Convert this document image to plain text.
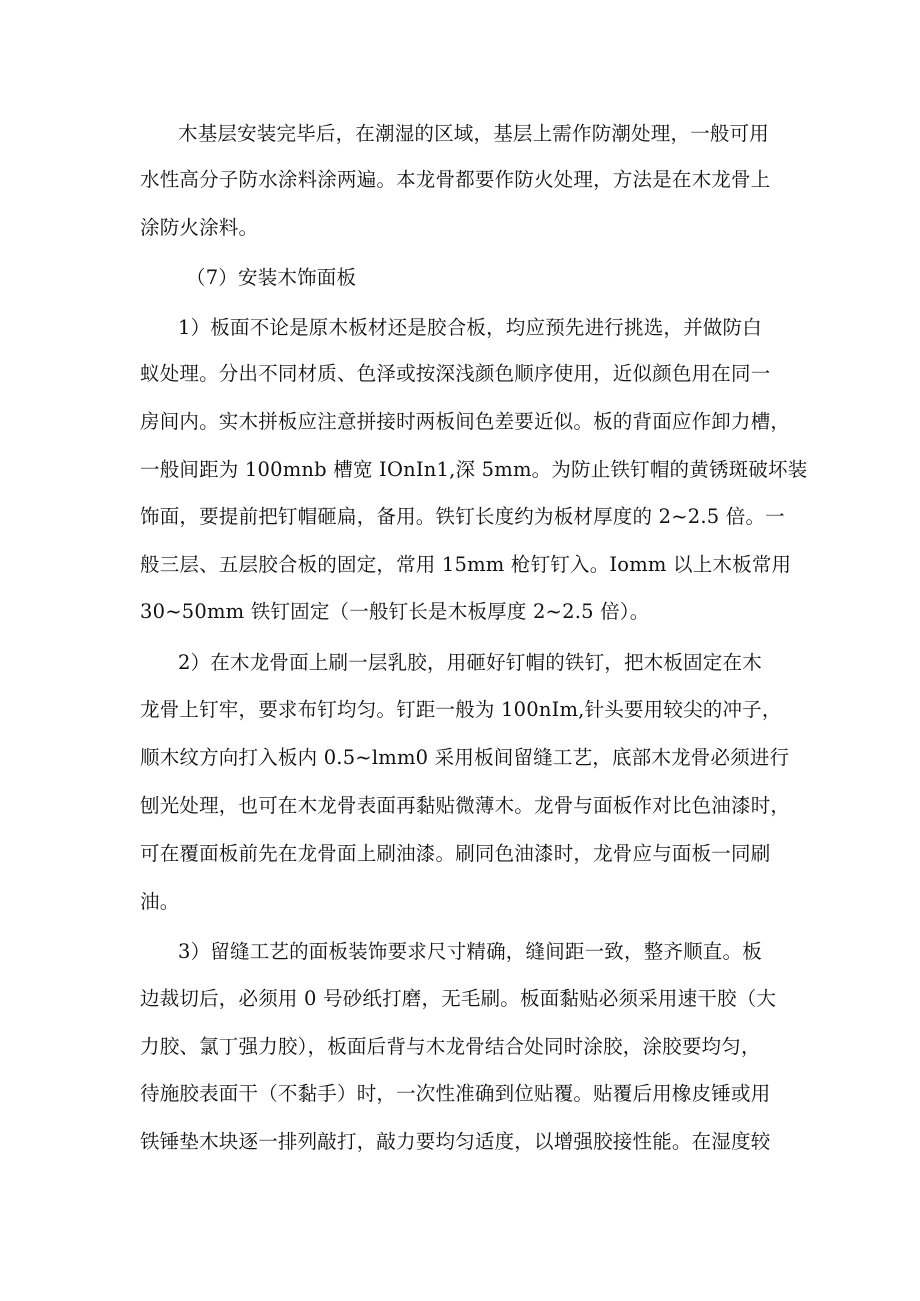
木基层安装完毕后，在潮湿的区域，基层上需作防潮处理，一般可用
水性高分子防水涂料涂两遍。本龙骨都要作防火处理，方法是在木龙骨上
涂防火涂料。
（7）安装木饰面板
1）板面不论是原木板材还是胶合板，均应预先进行挑选，并做防白
蚁处理。分出不同材质、色泽或按深浅颜色顺序使用，近似颜色用在同一
房间内。实木拼板应注意拼接时两板间色差要近似。板的背面应作卸力槽，
一般间距为 100mnb 槽宽 IOnIn1,深 5mm。为防止铁钉帽的黄锈斑破坏装
饰面，要提前把钉帽砸扁，备用。铁钉长度约为板材厚度的 2~2.5 倍。一
般三层、五层胶合板的固定，常用 15mm 枪钉钉入。Iomm 以上木板常用
30~50mm 铁钉固定（一般钉长是木板厚度 2~2.5 倍）。
2）在木龙骨面上刷一层乳胶，用砸好钉帽的铁钉，把木板固定在木
龙骨上钉牢，要求布钉均匀。钉距一般为 100nIm,针头要用较尖的冲子，
顺木纹方向打入板内 0.5~lmm0 采用板间留缝工艺，底部木龙骨必须进行
刨光处理，也可在木龙骨表面再黏贴微薄木。龙骨与面板作对比色油漆时，
可在覆面板前先在龙骨面上刷油漆。刷同色油漆时，龙骨应与面板一同刷
油。
3）留缝工艺的面板装饰要求尺寸精确，缝间距一致，整齐顺直。板
边裁切后，必须用 0 号砂纸打磨，无毛刷。板面黏贴必须采用速干胶（大
力胶、氯丁强力胶），板面后背与木龙骨结合处同时涂胶，涂胶要均匀，
待施胶表面干（不黏手）时，一次性准确到位贴覆。贴覆后用橡皮锤或用
铁锤垫木块逐一排列敲打，敲力要均匀适度，以增强胶接性能。在湿度较
